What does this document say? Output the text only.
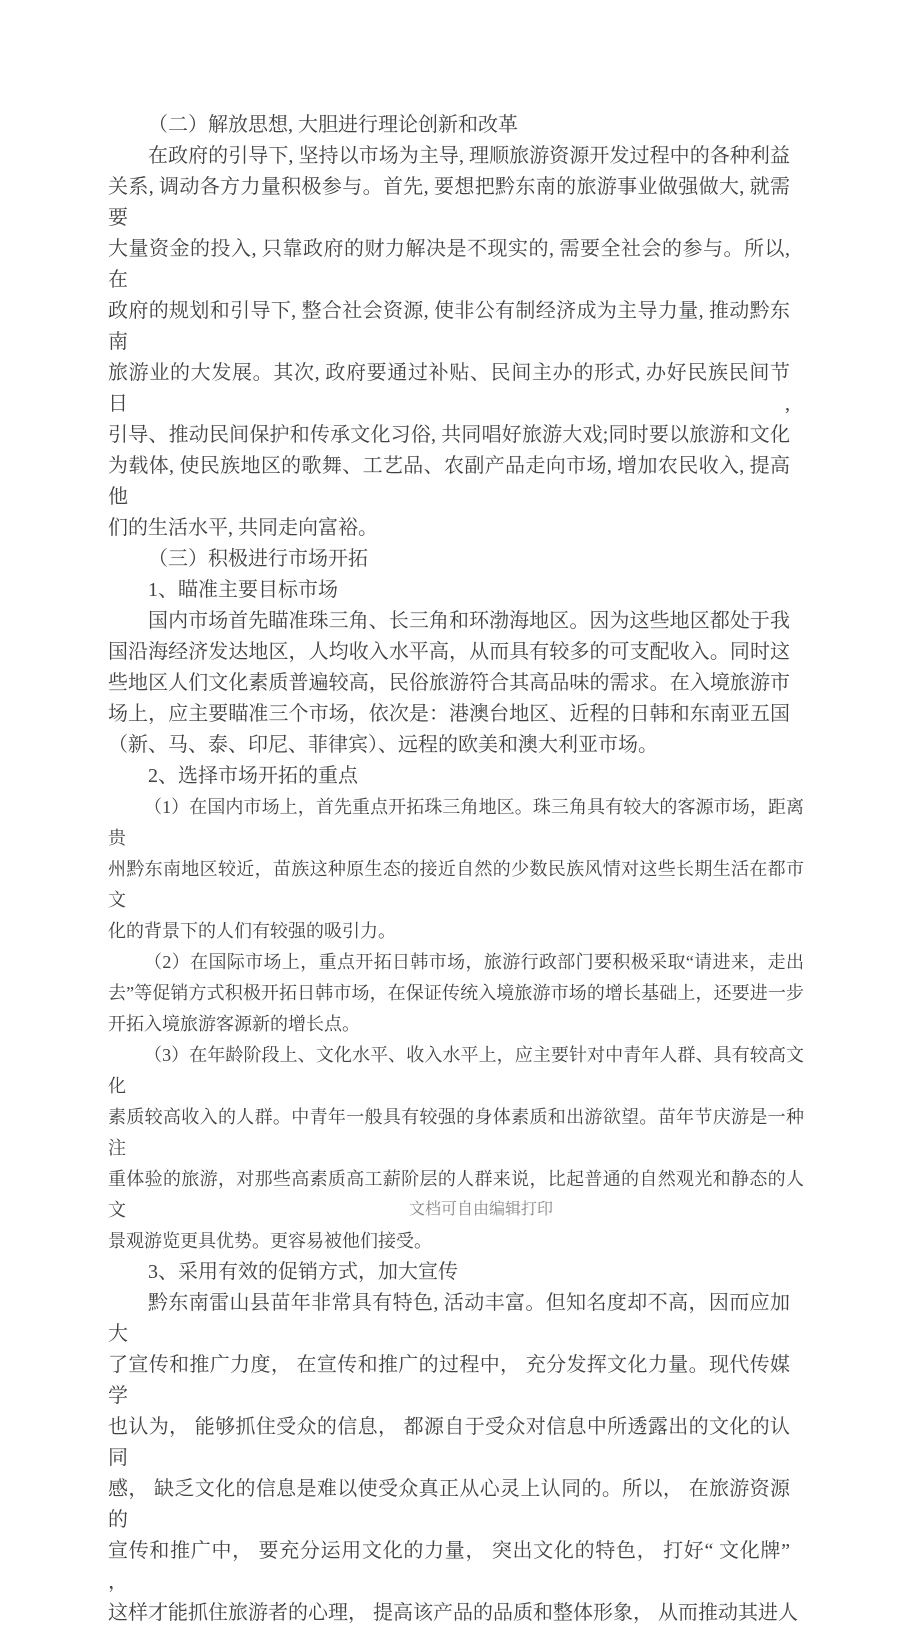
（二）解放思想, 大胆进行理论创新和改革
在政府的引导下, 坚持以市场为主导, 理顺旅游资源开发过程中的各种利益
关系, 调动各方力量积极参与。首先, 要想把黔东南的旅游事业做强做大, 就需要
大量资金的投入, 只靠政府的财力解决是不现实的, 需要全社会的参与。所以, 在
政府的规划和引导下, 整合社会资源, 使非公有制经济成为主导力量, 推动黔东南
旅游业的大发展。其次, 政府要通过补贴、民间主办的形式, 办好民族民间节日,
引导、推动民间保护和传承文化习俗, 共同唱好旅游大戏;同时要以旅游和文化
为载体, 使民族地区的歌舞、工艺品、农副产品走向市场, 增加农民收入, 提高他
们的生活水平, 共同走向富裕。
（三）积极进行市场开拓
1、瞄准主要目标市场
国内市场首先瞄准珠三角、长三角和环渤海地区。因为这些地区都处于我
国沿海经济发达地区，人均收入水平高，从而具有较多的可支配收入。同时这
些地区人们文化素质普遍较高，民俗旅游符合其高品味的需求。在入境旅游市
场上，应主要瞄准三个市场，依次是：港澳台地区、近程的日韩和东南亚五国
（新、马、泰、印尼、菲律宾）、远程的欧美和澳大利亚市场。
2、选择市场开拓的重点
（1）在国内市场上，首先重点开拓珠三角地区。珠三角具有较大的客源市场，距离贵
州黔东南地区较近，苗族这种原生态的接近自然的少数民族风情对这些长期生活在都市文
化的背景下的人们有较强的吸引力。
（2）在国际市场上，重点开拓日韩市场，旅游行政部门要积极采取“请进来，走出
去”等促销方式积极开拓日韩市场，在保证传统入境旅游市场的增长基础上，还要进一步
开拓入境旅游客源新的增长点。
（3）在年龄阶段上、文化水平、收入水平上，应主要针对中青年人群、具有较高文化
素质较高收入的人群。中青年一般具有较强的身体素质和出游欲望。苗年节庆游是一种注
重体验的旅游，对那些高素质高工薪阶层的人群来说，比起普通的自然观光和静态的人文
景观游览更具优势。更容易被他们接受。
3、采用有效的促销方式，加大宣传
黔东南雷山县苗年非常具有特色, 活动丰富。但知名度却不高，因而应加大
了宣传和推广力度， 在宣传和推广的过程中， 充分发挥文化力量。现代传媒学
也认为， 能够抓住受众的信息， 都源自于受众对信息中所透露出的文化的认同
感， 缺乏文化的信息是难以使受众真正从心灵上认同的。所以， 在旅游资源的
宣传和推广中， 要充分运用文化的力量， 突出文化的特色， 打好“ 文化牌” ，
这样才能抓住旅游者的心理， 提高该产品的品质和整体形象， 从而推动其进人
文档可自由编辑打印
